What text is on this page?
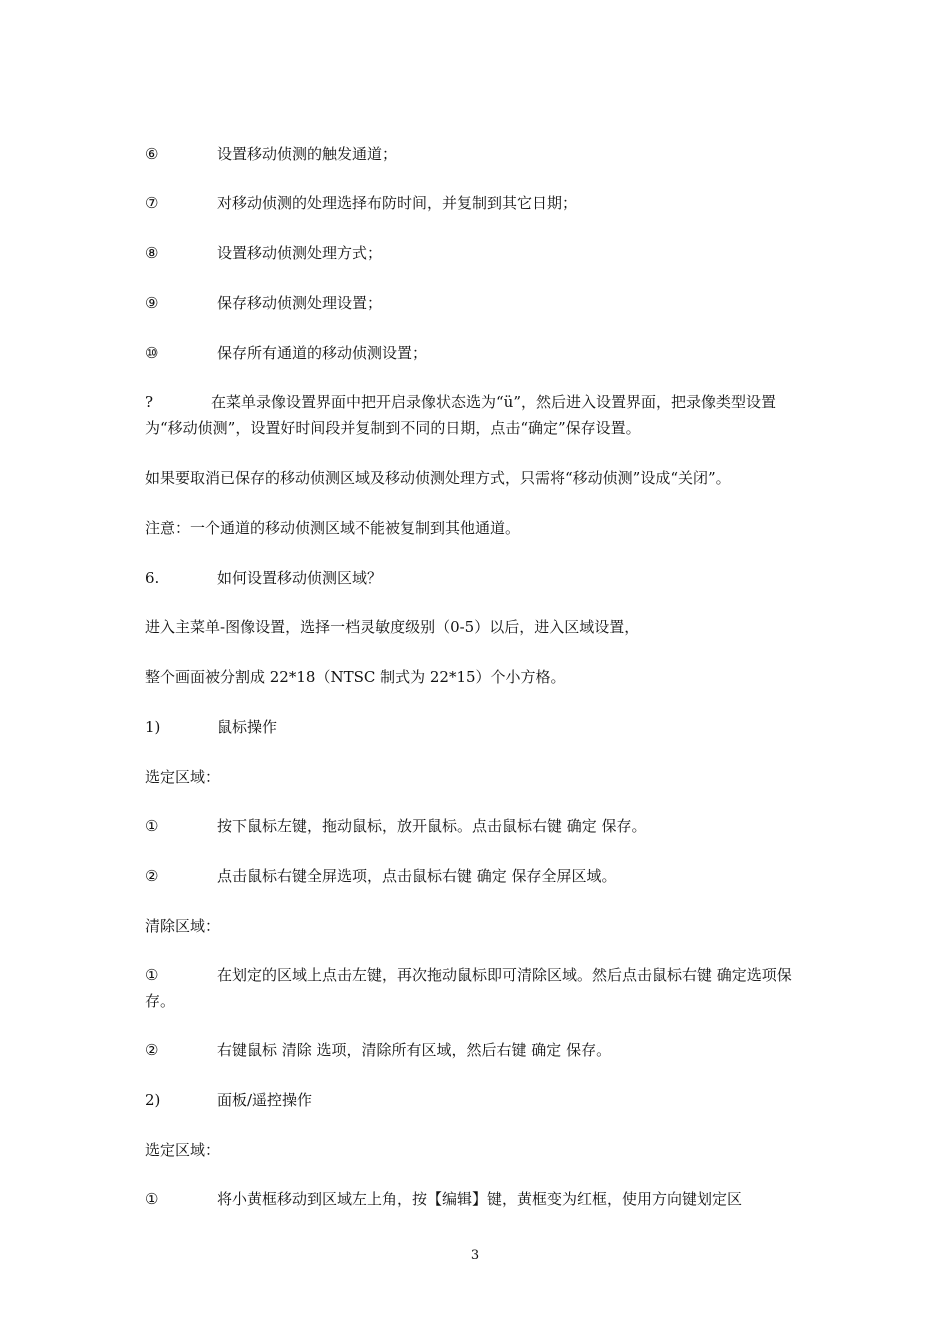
⑥	设置移动侦测的触发通道；
⑦	对移动侦测的处理选择布防时间，并复制到其它日期；
⑧	设置移动侦测处理方式；
⑨	保存移动侦测处理设置；
⑩	保存所有通道的移动侦测设置；
?	在菜单录像设置界面中把开启录像状态选为“ü”，然后进入设置界面，把录像类型设置为“移动侦测”，设置好时间段并复制到不同的日期，点击“确定”保存设置。
如果要取消已保存的移动侦测区域及移动侦测处理方式，只需将“移动侦测”设成“关闭”。
注意：一个通道的移动侦测区域不能被复制到其他通道。
6.	如何设置移动侦测区域？
进入主菜单-图像设置，选择一档灵敏度级别（0-5）以后，进入区域设置，
整个画面被分割成 22*18（NTSC 制式为 22*15）个小方格。
1)	鼠标操作
选定区域：
①	按下鼠标左键，拖动鼠标，放开鼠标。点击鼠标右键 确定 保存。
②	点击鼠标右键全屏选项，点击鼠标右键 确定 保存全屏区域。
清除区域：
①	在划定的区域上点击左键，再次拖动鼠标即可清除区域。然后点击鼠标右键 确定选项保存。
②	右键鼠标 清除 选项，清除所有区域，然后右键 确定 保存。
2)	面板/遥控操作
选定区域：
①	将小黄框移动到区域左上角，按【编辑】键，黄框变为红框，使用方向键划定区
3
